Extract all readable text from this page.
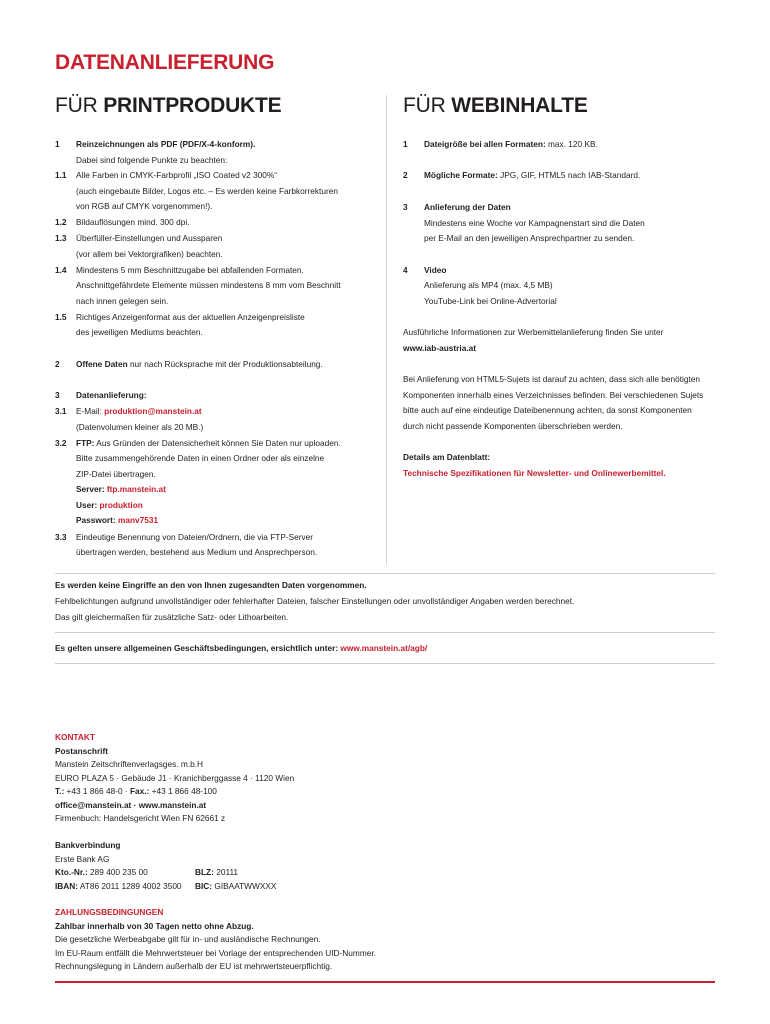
DATENANLIEFERUNG
FÜR PRINTPRODUKTE	FÜR WEBINHALTE
1 Reinzeichnungen als PDF (PDF/X-4-konform).
Dabei sind folgende Punkte zu beachten:
1.1 Alle Farben in CMYK-Farbprofil „ISO Coated v2 300%“
(auch eingebaute Bilder, Logos etc. – Es werden keine Farbkorrekturen
von RGB auf CMYK vorgenommen!).
1.2 Bildauflösungen mind. 300 dpi.
1.3 Überfüller-Einstellungen und Aussparen
(vor allem bei Vektorgrafiken) beachten.
1.4 Mindestens 5 mm Beschnittzugabe bei abfallenden Formaten.
Anschnittgefährdete Elemente müssen mindestens 8 mm vom Beschnitt
nach innen gelegen sein.
1.5 Richtiges Anzeigenformat aus der aktuellen Anzeigenpreisliste
des jeweiligen Mediums beachten.
2 Offene Daten nur nach Rücksprache mit der Produktionsabteilung.
3 Datenanlieferung:
3.1 E-Mail: produktion@manstein.at
(Datenvolumen kleiner als 20 MB.)
3.2 FTP: Aus Gründen der Datensicherheit können Sie Daten nur uploaden.
Bitte zusammengehörende Daten in einen Ordner oder als einzelne
ZIP-Datei übertragen.
Server: ftp.manstein.at
User: produktion
Passwort: manv7531
3.3 Eindeutige Benennung von Dateien/Ordnern, die via FTP-Server
übertragen werden, bestehend aus Medium und Ansprechperson.
1 Dateigröße bei allen Formaten: max. 120 KB.
2 Mögliche Formate: JPG, GIF, HTML5 nach IAB-Standard.
3 Anlieferung der Daten
Mindestens eine Woche vor Kampagnenstart sind die Daten
per E-Mail an den jeweiligen Ansprechpartner zu senden.
4 Video
Anlieferung als MP4 (max. 4,5 MB)
YouTube-Link bei Online-Advertorial
Ausführliche Informationen zur Werbemittelanlieferung finden Sie unter
www.iab-austria.at
Bei Anlieferung von HTML5-Sujets ist darauf zu achten, dass sich alle benötigten
Komponenten innerhalb eines Verzeichnisses befinden. Bei verschiedenen Sujets
bitte auch auf eine eindeutige Dateibenennung achten, da sonst Komponenten
durch nicht passende Komponenten überschrieben werden.
Details am Datenblatt:
Technische Spezifikationen für Newsletter- und Onlinewerbemittel.
Es werden keine Eingriffe an den von Ihnen zugesandten Daten vorgenommen.
Fehlbelichtungen aufgrund unvollständiger oder fehlerhafter Dateien, falscher Einstellungen oder unvollständiger Angaben werden berechnet.
Das gilt gleichermaßen für zusätzliche Satz- oder Lithoarbeiten.
Es gelten unsere allgemeinen Geschäftsbedingungen, ersichtlich unter: www.manstein.at/agb/
KONTAKT
Postanschrift
Manstein Zeitschriftenverlagsges. m.b.H
EURO PLAZA 5 · Gebäude J1 · Kranichberggasse 4 · 1120 Wien
T.: +43 1 866 48-0 · Fax.: +43 1 866 48-100
office@manstein.at · www.manstein.at
Firmenbuch: Handelsgericht Wien FN 62661 z
Bankverbindung
Erste Bank AG
Kto.-Nr.: 289 400 235 00	BLZ: 20111
IBAN: AT86 2011 1289 4002 3500 BIC: GIBAATWWXXX
ZAHLUNGSBEDINGUNGEN
Zahlbar innerhalb von 30 Tagen netto ohne Abzug.
Die gesetzliche Werbeabgabe gilt für in- und ausländische Rechnungen.
Im EU-Raum entfällt die Mehrwertsteuer bei Vorlage der entsprechenden UID-Nummer.
Rechnungslegung in Ländern außerhalb der EU ist mehrwertsteuerpflichtig.
